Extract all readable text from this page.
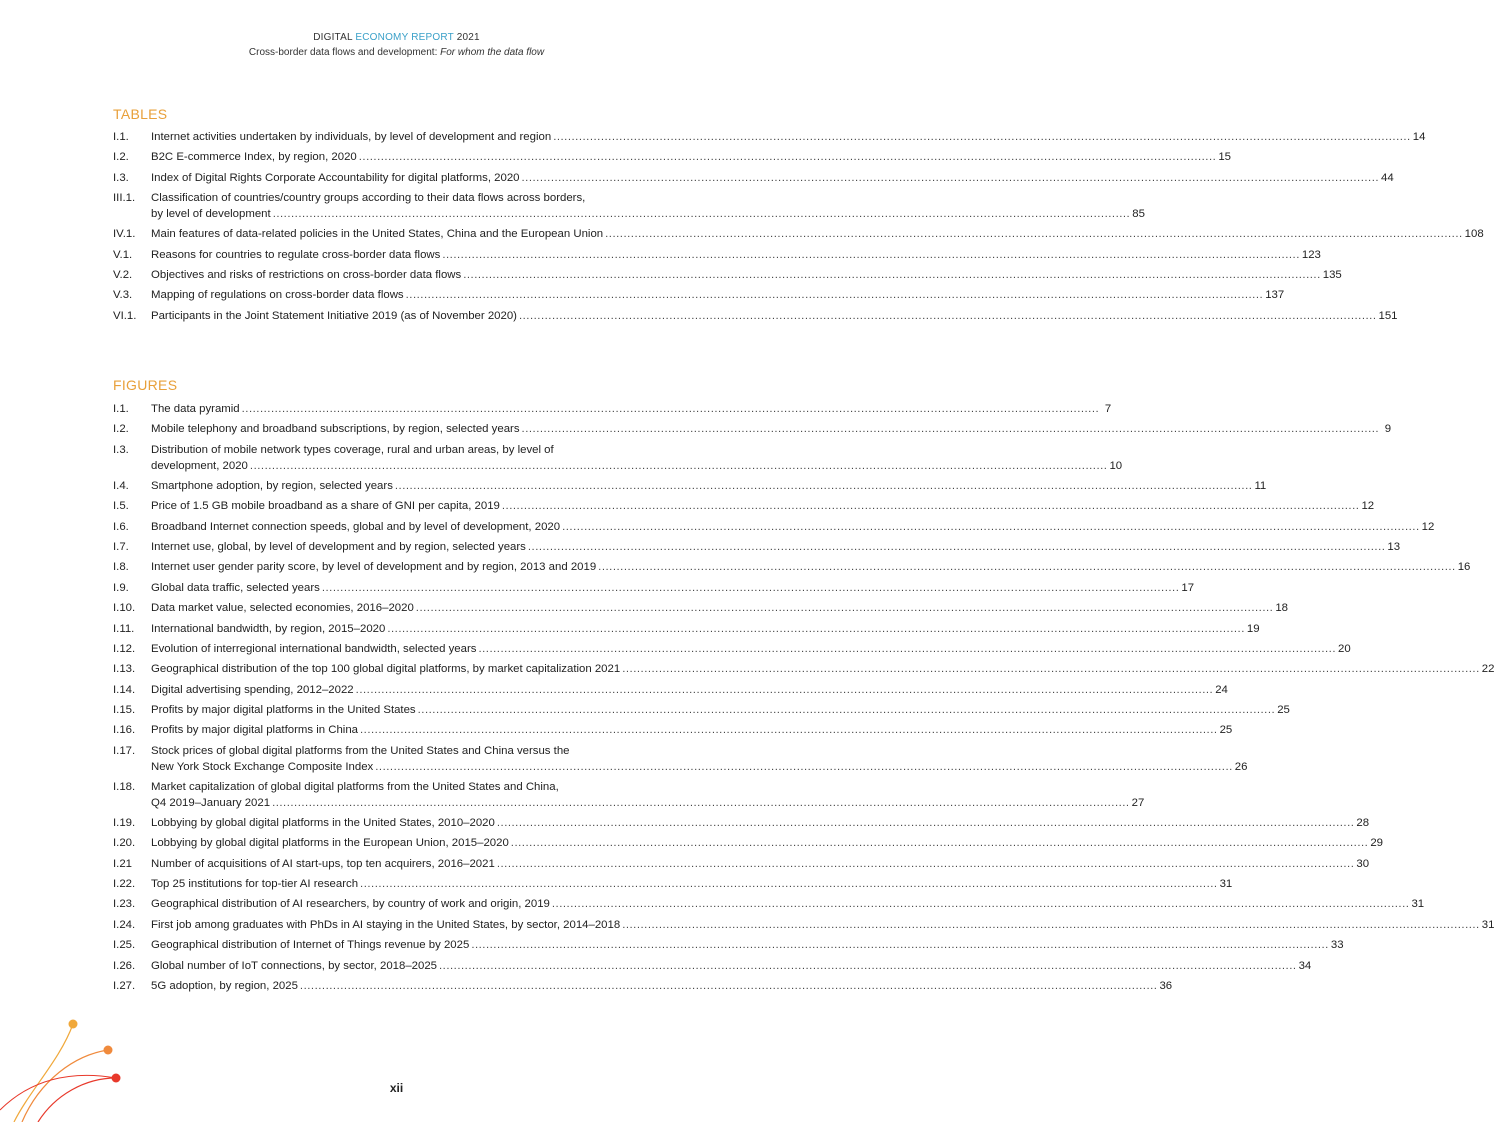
DIGITAL ECONOMY REPORT 2021
Cross-border data flows and development: For whom the data flow
TABLES
I.1.	Internet activities undertaken by individuals, by level of development and region .....	14
I.2.	B2C E-commerce Index, by region, 2020 .....	15
I.3.	Index of Digital Rights Corporate Accountability for digital platforms, 2020 .....	44
III.1.	Classification of countries/country groups according to their data flows across borders,
by level of development .....	85
IV.1.	Main features of data-related policies in the United States, China and the European Union .....	108
V.1.	Reasons for countries to regulate cross-border data flows .....	123
V.2.	Objectives and risks of restrictions on cross-border data flows .....	135
V.3.	Mapping of regulations on cross-border data flows .....	137
VI.1.	Participants in the Joint Statement Initiative 2019 (as of November 2020) .....	151
FIGURES
I.1.	The data pyramid .....	7
I.2.	Mobile telephony and broadband subscriptions, by region, selected years .....	9
I.3.	Distribution of mobile network types coverage, rural and urban areas, by level of
development, 2020 .....	10
I.4.	Smartphone adoption, by region, selected years .....	11
I.5.	Price of 1.5 GB mobile broadband as a share of GNI per capita, 2019 .....	12
I.6.	Broadband Internet connection speeds, global and by level of development, 2020 .....	12
I.7.	Internet use, global, by level of development and by region, selected years .....	13
I.8.	Internet user gender parity score, by level of development and by region, 2013 and 2019 .....	16
I.9.	Global data traffic, selected years .....	17
I.10.	Data market value, selected economies, 2016–2020 .....	18
I.11.	International bandwidth, by region, 2015–2020 .....	19
I.12.	Evolution of interregional international bandwidth, selected years .....	20
I.13.	Geographical distribution of the top 100 global digital platforms, by market capitalization 2021 .....	22
I.14.	Digital advertising spending, 2012–2022 .....	24
I.15.	Profits by major digital platforms in the United States .....	25
I.16.	Profits by major digital platforms in China .....	25
I.17.	Stock prices of global digital platforms from the United States and China versus the
New York Stock Exchange Composite Index .....	26
I.18.	Market capitalization of global digital platforms from the United States and China,
Q4 2019–January 2021 .....	27
I.19.	Lobbying by global digital platforms in the United States, 2010–2020 .....	28
I.20.	Lobbying by global digital platforms in the European Union, 2015–2020 .....	29
I.21	Number of acquisitions of AI start-ups, top ten acquirers, 2016–2021 .....	30
I.22.	Top 25 institutions for top-tier AI research .....	31
I.23.	Geographical distribution of AI researchers, by country of work and origin, 2019 .....	31
I.24.	First job among graduates with PhDs in AI staying in the United States, by sector, 2014–2018 .....	31
I.25.	Geographical distribution of Internet of Things revenue by 2025 .....	33
I.26.	Global number of IoT connections, by sector, 2018–2025 .....	34
I.27.	5G adoption, by region, 2025 .....	36
xii
